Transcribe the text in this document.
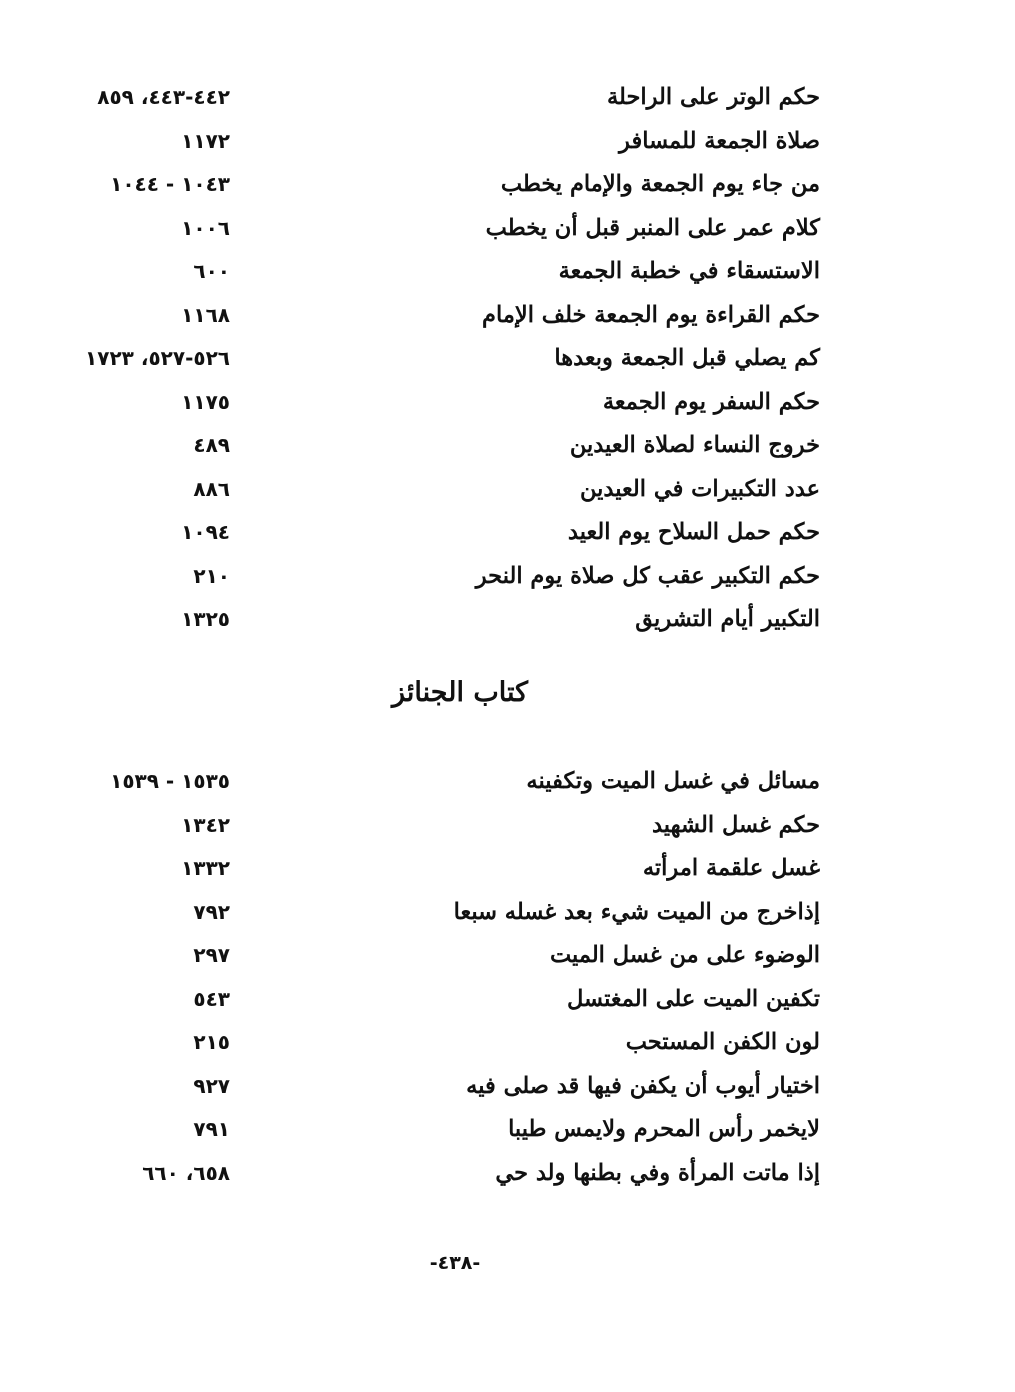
حكم الوتر على الراحلة
٤٤٢-٤٤٣، ٨٥٩
صلاة الجمعة للمسافر
١١٧٢
من جاء يوم الجمعة والإمام يخطب
١٠٤٣ - ١٠٤٤
كلام عمر على المنبر قبل أن يخطب
١٠٠٦
الاستسقاء في خطبة الجمعة
٦٠٠
حكم القراءة يوم الجمعة خلف الإمام
١١٦٨
كم يصلي قبل الجمعة وبعدها
٥٢٦-٥٢٧، ١٧٢٣
حكم السفر يوم الجمعة
١١٧٥
خروج النساء لصلاة العيدين
٤٨٩
عدد التكبيرات في العيدين
٨٨٦
حكم حمل السلاح يوم العيد
١٠٩٤
حكم التكبير عقب كل صلاة يوم النحر
٢١٠
التكبير أيام التشريق
١٣٢٥
كتاب الجنائز
مسائل في غسل الميت وتكفينه
١٥٣٥ - ١٥٣٩
حكم غسل الشهيد
١٣٤٢
غسل علقمة امرأته
١٣٣٢
إذاخرج من الميت شيء بعد غسله سبعا
٧٩٢
الوضوء على من غسل الميت
٢٩٧
تكفين الميت على المغتسل
٥٤٣
لون الكفن المستحب
٢١٥
اختيار أيوب أن يكفن فيها قد صلى فيه
٩٢٧
لايخمر رأس المحرم ولايمس طيبا
٧٩١
إذا ماتت المرأة وفي بطنها ولد حي
٦٥٨، ٦٦٠
-٤٣٨-
